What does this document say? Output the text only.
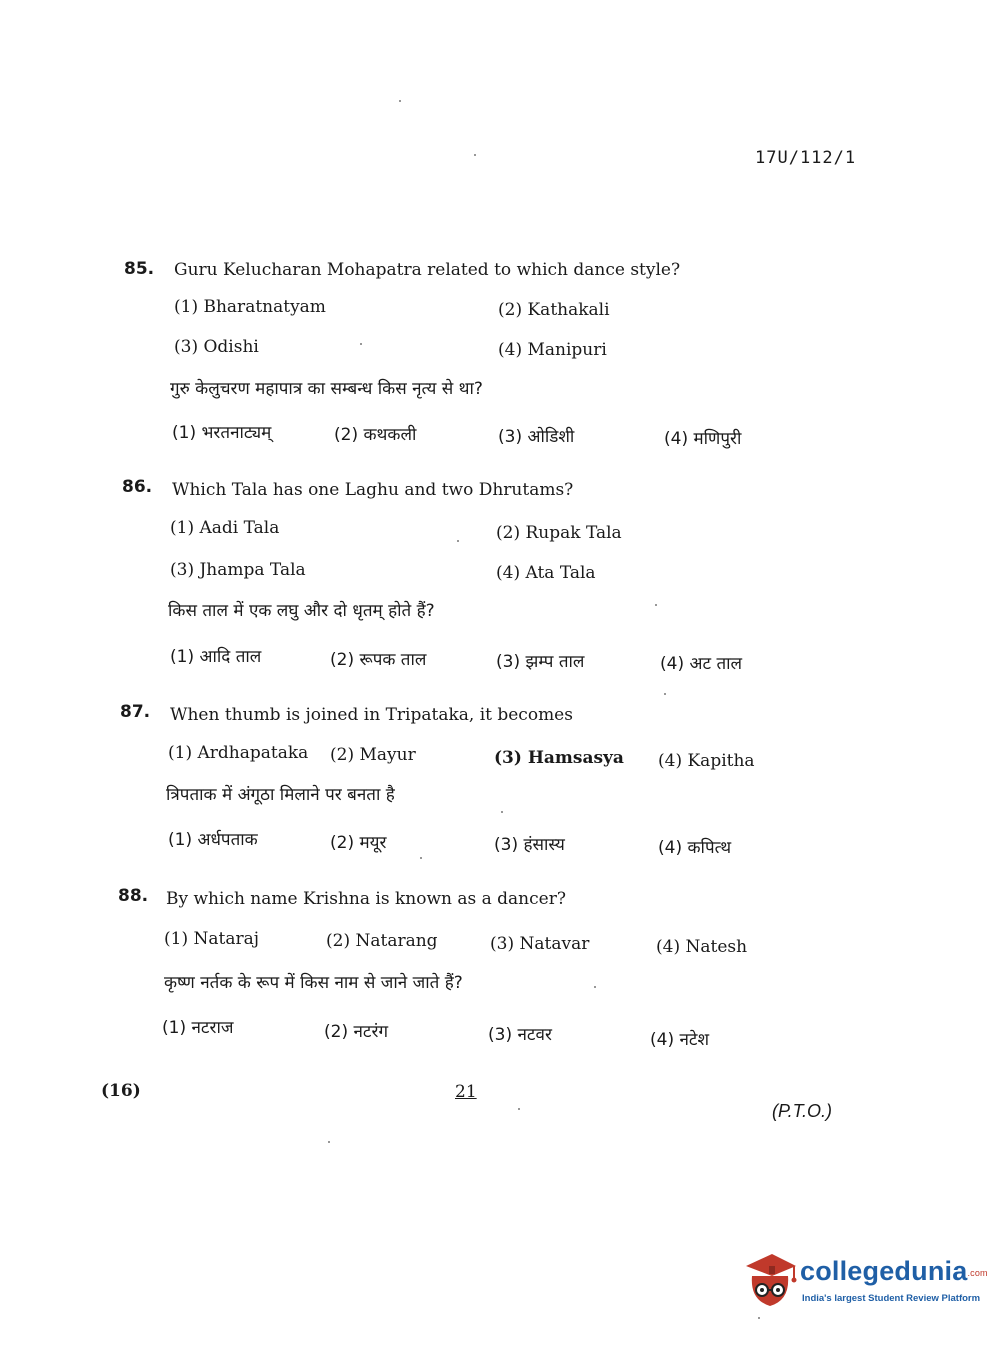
17U/112/1
85. Guru Kelucharan Mohapatra related to which dance style?
(1) Bharatnatyam	(2) Kathakali
(3) Odishi	(4) Manipuri
गुरु केलुचरण महापात्र का सम्बन्ध किस नृत्य से था?
(1) भरतनाट्यम्	(2) कथकली	(3) ओडिशी	(4) मणिपुरी
86. Which Tala has one Laghu and two Dhrutams?
(1) Aadi Tala	(2) Rupak Tala
(3) Jhampa Tala	(4) Ata Tala
किस ताल में एक लघु और दो धृतम् होते हैं?
(1) आदि ताल	(2) रूपक ताल	(3) झम्प ताल	(4) अट ताल
87. When thumb is joined in Tripataka, it becomes
(1) Ardhapataka (2) Mayur	(3) Hamsasya (4) Kapitha
त्रिपताक में अंगूठा मिलाने पर बनता है
(1) अर्धपताक	(2) मयूर	(3) हंसास्य	(4) कपित्थ
88. By which name Krishna is known as a dancer?
(1) Nataraj	(2) Natarang	(3) Natavar	(4) Natesh
कृष्ण नर्तक के रूप में किस नाम से जाने जाते हैं?
(1) नटराज	(2) नटरंग	(3) नटवर	(4) नटेश
(16)	21
(P.T.O.)
collegedunia.com
India's largest Student Review Platform
